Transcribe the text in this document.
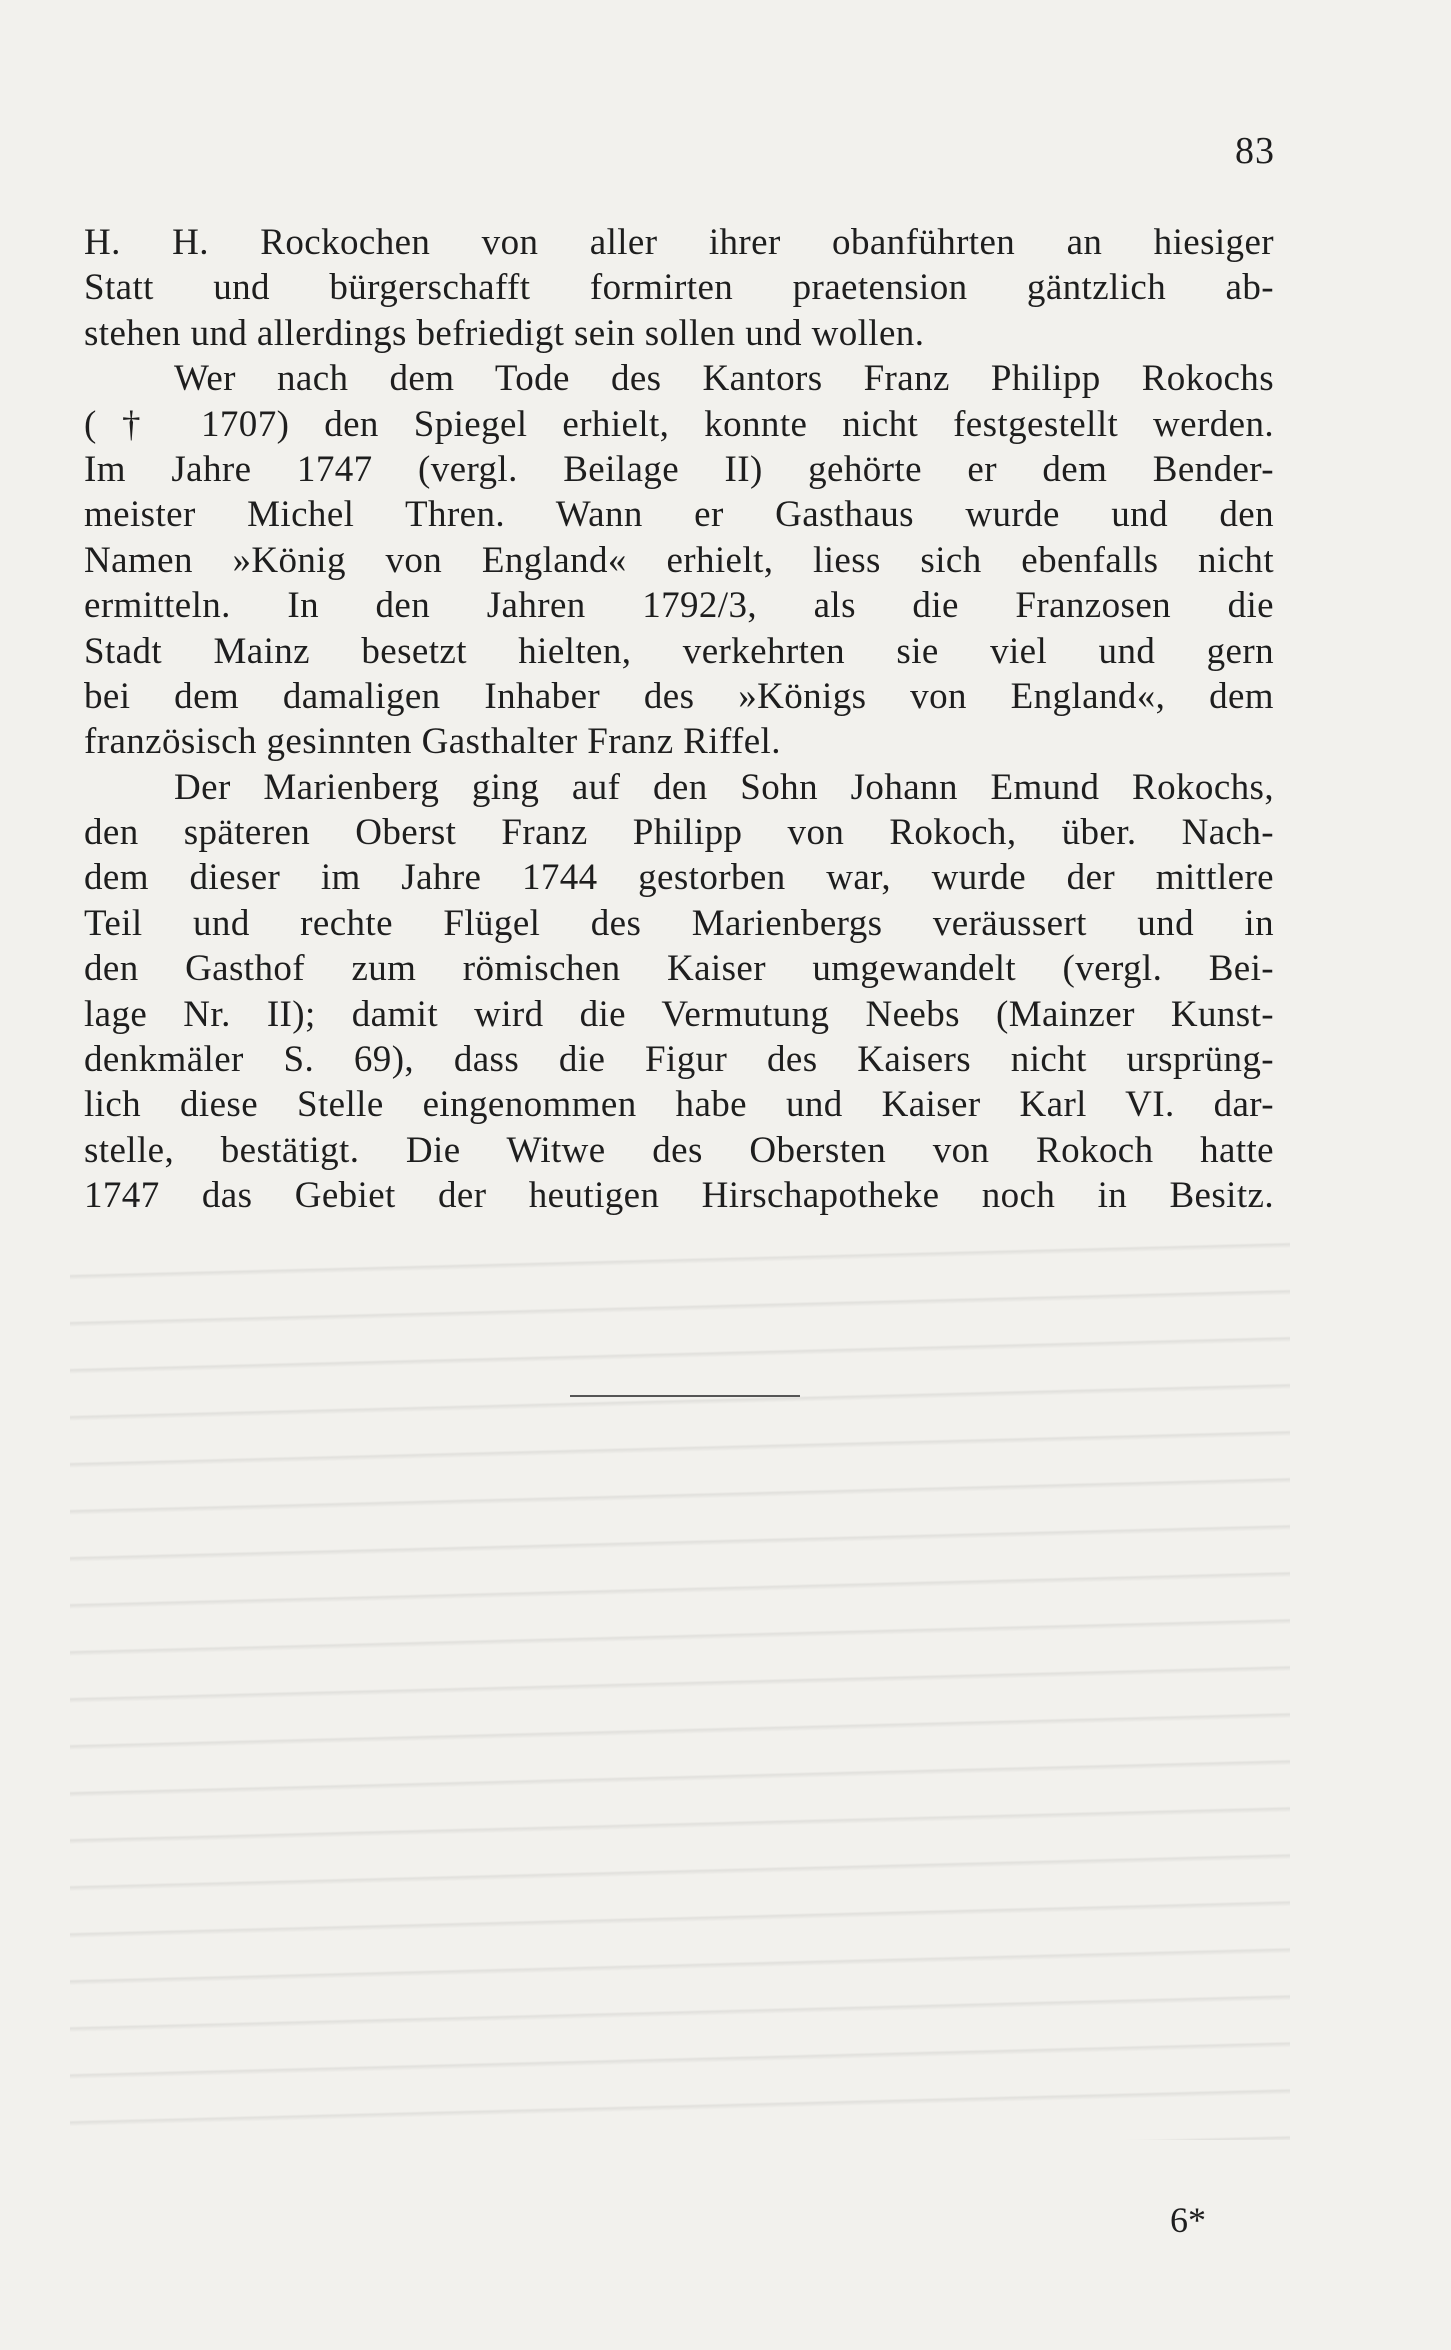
83
H. H. Rockochen von aller ihrer obanführten an hiesiger
Statt und bürgerschafft formirten praetension gäntzlich ab-
stehen und allerdings befriedigt sein sollen und wollen.
Wer nach dem Tode des Kantors Franz Philipp Rokochs
(† 1707) den Spiegel erhielt, konnte nicht festgestellt werden.
Im Jahre 1747 (vergl. Beilage II) gehörte er dem Bender-
meister Michel Thren. Wann er Gasthaus wurde und den
Namen »König von England« erhielt, liess sich ebenfalls nicht
ermitteln. In den Jahren 1792/3, als die Franzosen die
Stadt Mainz besetzt hielten, verkehrten sie viel und gern
bei dem damaligen Inhaber des »Königs von England«, dem
französisch gesinnten Gasthalter Franz Riffel.
Der Marienberg ging auf den Sohn Johann Emund Rokochs,
den späteren Oberst Franz Philipp von Rokoch, über. Nach-
dem dieser im Jahre 1744 gestorben war, wurde der mittlere
Teil und rechte Flügel des Marienbergs veräussert und in
den Gasthof zum römischen Kaiser umgewandelt (vergl. Bei-
lage Nr. II); damit wird die Vermutung Neebs (Mainzer Kunst-
denkmäler S. 69), dass die Figur des Kaisers nicht ursprüng-
lich diese Stelle eingenommen habe und Kaiser Karl VI. dar-
stelle, bestätigt. Die Witwe des Obersten von Rokoch hatte
1747 das Gebiet der heutigen Hirschapotheke noch in Besitz.
6*
